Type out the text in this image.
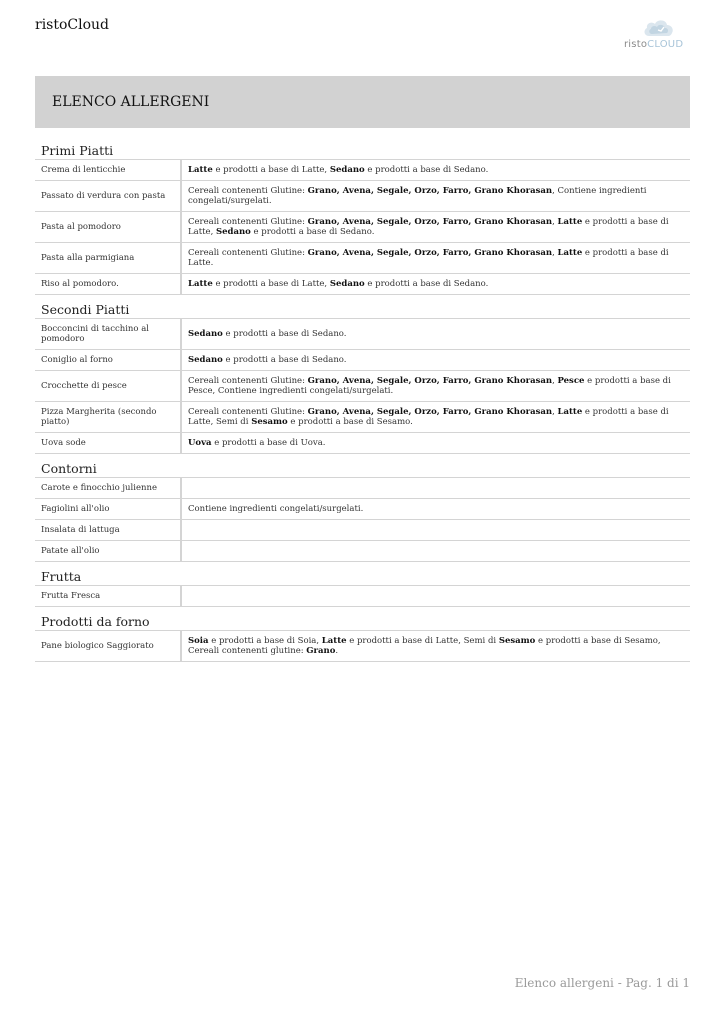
ristoCloud
ristoCLOUD
ELENCO ALLERGENI
Primi Piatti
Crema di lenticchie	Latte e prodotti a base di Latte, Sedano e prodotti a base di Sedano.
Passato di verdura con pasta	Cereali contenenti Glutine: Grano, Avena, Segale, Orzo, Farro, Grano Khorasan, Contiene ingredienti congelati/surgelati.
Pasta al pomodoro	Cereali contenenti Glutine: Grano, Avena, Segale, Orzo, Farro, Grano Khorasan, Latte e prodotti a base di Latte, Sedano e prodotti a base di Sedano.
Pasta alla parmigiana	Cereali contenenti Glutine: Grano, Avena, Segale, Orzo, Farro, Grano Khorasan, Latte e prodotti a base di Latte.
Riso al pomodoro.	Latte e prodotti a base di Latte, Sedano e prodotti a base di Sedano.
Secondi Piatti
Bocconcini di tacchino al pomodoro	Sedano e prodotti a base di Sedano.
Coniglio al forno	Sedano e prodotti a base di Sedano.
Crocchette di pesce	Cereali contenenti Glutine: Grano, Avena, Segale, Orzo, Farro, Grano Khorasan, Pesce e prodotti a base di Pesce, Contiene ingredienti congelati/surgelati.
Pizza Margherita (secondo piatto)	Cereali contenenti Glutine: Grano, Avena, Segale, Orzo, Farro, Grano Khorasan, Latte e prodotti a base di Latte, Semi di Sesamo e prodotti a base di Sesamo.
Uova sode	Uova e prodotti a base di Uova.
Contorni
Carote e finocchio julienne	
Fagiolini all'olio	Contiene ingredienti congelati/surgelati.
Insalata di lattuga	
Patate all'olio	
Frutta
Frutta Fresca	
Prodotti da forno
Pane biologico Saggiorato	Soia e prodotti a base di Soia, Latte e prodotti a base di Latte, Semi di Sesamo e prodotti a base di Sesamo, Cereali contenenti glutine: Grano.
Elenco allergeni - Pag. 1 di 1
